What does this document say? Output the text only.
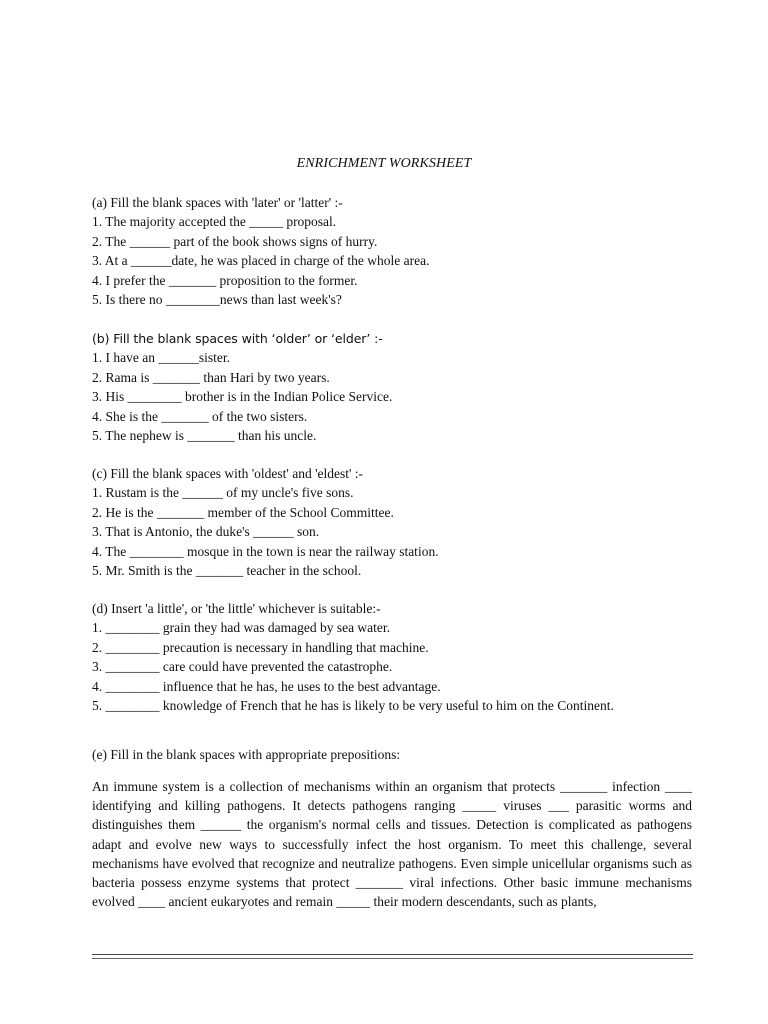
ENRICHMENT WORKSHEET
(a) Fill the blank spaces with 'later' or 'latter' :-
1. The majority accepted the _____ proposal.
2. The ______ part of the book shows signs of hurry.
3. At a ______date, he was placed in charge of the whole area.
4. I prefer the _______ proposition to the former.
5. Is there no ________news than last week's?
(b) Fill the blank spaces with ‘older’ or ‘elder’ :-
1. I have an ______sister.
2. Rama is _______ than Hari by two years.
3. His ________ brother is in the Indian Police Service.
4. She is the _______ of the two sisters.
5. The nephew is _______ than his uncle.
(c) Fill the blank spaces with 'oldest' and 'eldest' :-
1. Rustam is the ______ of my uncle's five sons.
2. He is the _______ member of the School Committee.
3. That is Antonio, the duke's ______ son.
4. The ________ mosque in the town is near the railway station.
5. Mr. Smith is the _______ teacher in the school.
(d) Insert 'a little', or 'the little' whichever is suitable:-
1. ________ grain they had was damaged by sea water.
2. ________ precaution is necessary in handling that machine.
3. ________ care could have prevented the catastrophe.
4. ________ influence that he has, he uses to the best advantage.
5. ________ knowledge of French that he has is likely to be very useful to him on the Continent.
(e) Fill in the blank spaces with appropriate prepositions:

An immune system is a collection of mechanisms within an organism that protects _______ infection ____ identifying and killing pathogens. It detects pathogens ranging _____ viruses ___ parasitic worms and distinguishes them ______ the organism's normal cells and tissues. Detection is complicated as pathogens adapt and evolve new ways to successfully infect the host organism. To meet this challenge, several mechanisms have evolved that recognize and neutralize pathogens. Even simple unicellular organisms such as bacteria possess enzyme systems that protect _______ viral infections. Other basic immune mechanisms evolved ____ ancient eukaryotes and remain _____ their modern descendants, such as plants,
